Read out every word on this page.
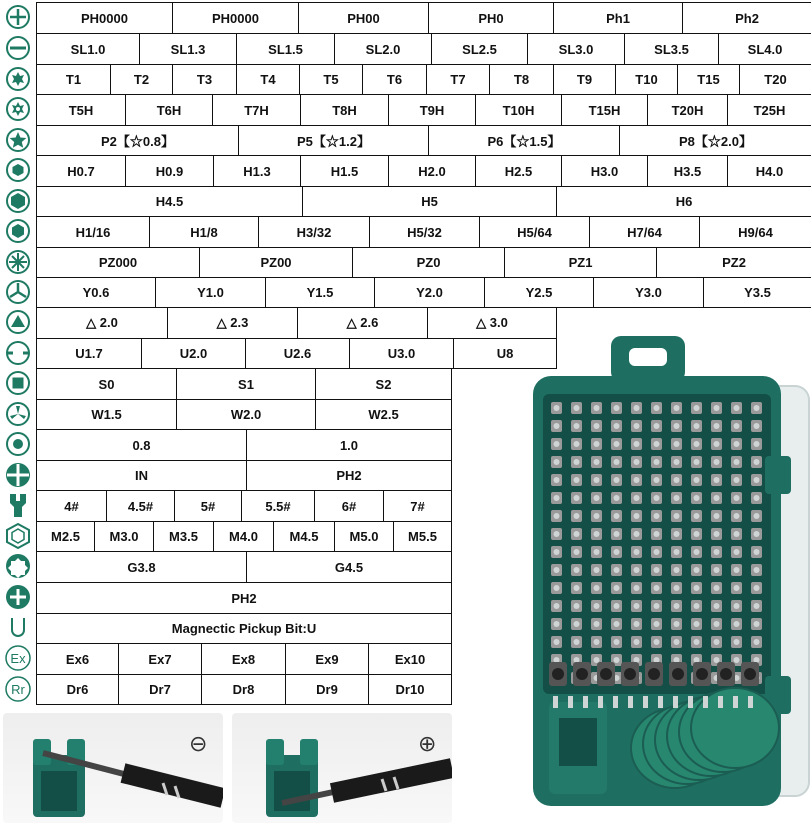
Ex
Rr
PH0000	PH0000	PH00	PH0	Ph1	Ph2
SL1.0	SL1.3	SL1.5	SL2.0	SL2.5	SL3.0	SL3.5	SL4.0
T1	T2	T3	T4	T5	T6	T7	T8	T9	T10	T15	T20
T5H	T6H	T7H	T8H	T9H	T10H	T15H	T20H	T25H
P2【☆0.8】	P5【☆1.2】	P6【☆1.5】	P8【☆2.0】
H0.7	H0.9	H1.3	H1.5	H2.0	H2.5	H3.0	H3.5	H4.0
H4.5	H5	H6
H1/16	H1/8	H3/32	H5/32	H5/64	H7/64	H9/64
PZ000	PZ00	PZ0	PZ1	PZ2
Y0.6	Y1.0	Y1.5	Y2.0	Y2.5	Y3.0	Y3.5
△ 2.0	△ 2.3	△ 2.6	△ 3.0
U1.7	U2.0	U2.6	U3.0	U8
S0	S1	S2
W1.5	W2.0	W2.5
0.8	1.0
IN	PH2
4#	4.5#	5#	5.5#	6#	7#
M2.5	M3.0	M3.5	M4.0	M4.5	M5.0	M5.5
G3.8	G4.5
PH2
Magnectic Pickup Bit:U
Ex6	Ex7	Ex8	Ex9	Ex10
Dr6	Dr7	Dr8	Dr9	Dr10
⊖	⊕
